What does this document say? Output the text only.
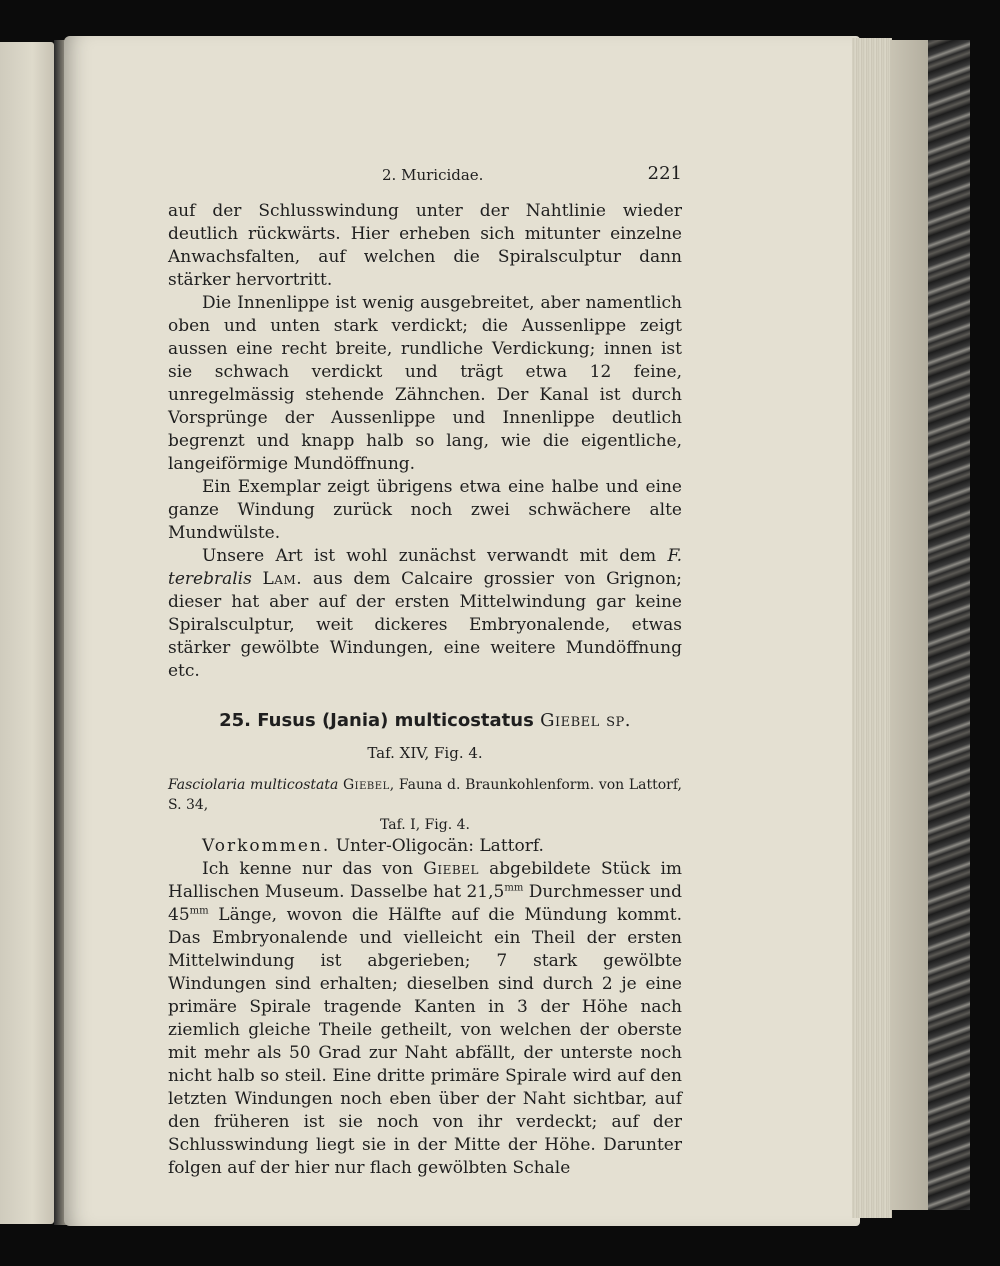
2. Muricidae.	221

auf der Schlusswindung unter der Nahtlinie wieder deutlich rückwärts. Hier erheben sich mitunter einzelne Anwachsfalten, auf welchen die Spiralsculptur dann stärker hervortritt.

Die Innenlippe ist wenig ausgebreitet, aber namentlich oben und unten stark verdickt; die Aussenlippe zeigt aussen eine recht breite, rundliche Verdickung; innen ist sie schwach verdickt und trägt etwa 12 feine, unregelmässig stehende Zähnchen. Der Kanal ist durch Vorsprünge der Aussenlippe und Innenlippe deutlich begrenzt und knapp halb so lang, wie die eigentliche, langeiförmige Mundöffnung.

Ein Exemplar zeigt übrigens etwa eine halbe und eine ganze Windung zurück noch zwei schwächere alte Mundwülste.

Unsere Art ist wohl zunächst verwandt mit dem F. terebralis Lam. aus dem Calcaire grossier von Grignon; dieser hat aber auf der ersten Mittelwindung gar keine Spiralsculptur, weit dickeres Embryonalende, etwas stärker gewölbte Windungen, eine weitere Mundöffnung etc.

25. Fusus (Jania) multicostatus Giebel sp.
Taf. XIV, Fig. 4.
Fasciolaria multicostata Giebel, Fauna d. Braunkohlenform. von Lattorf, S. 34,
Taf. I, Fig. 4.

Vorkommen. Unter-Oligocän: Lattorf.

Ich kenne nur das von Giebel abgebildete Stück im Hallischen Museum. Dasselbe hat $21,5^{mm}$ Durchmesser und $45^{mm}$ Länge, wovon die Hälfte auf die Mündung kommt. Das Embryonalende und vielleicht ein Theil der ersten Mittelwindung ist abgerieben; 7 stark gewölbte Windungen sind erhalten; dieselben sind durch 2 je eine primäre Spirale tragende Kanten in 3 der Höhe nach ziemlich gleiche Theile getheilt, von welchen der oberste mit mehr als 50 Grad zur Naht abfällt, der unterste noch nicht halb so steil. Eine dritte primäre Spirale wird auf den letzten Windungen noch eben über der Naht sichtbar, auf den früheren ist sie noch von ihr verdeckt; auf der Schlusswindung liegt sie in der Mitte der Höhe. Darunter folgen auf der hier nur flach gewölbten Schale
